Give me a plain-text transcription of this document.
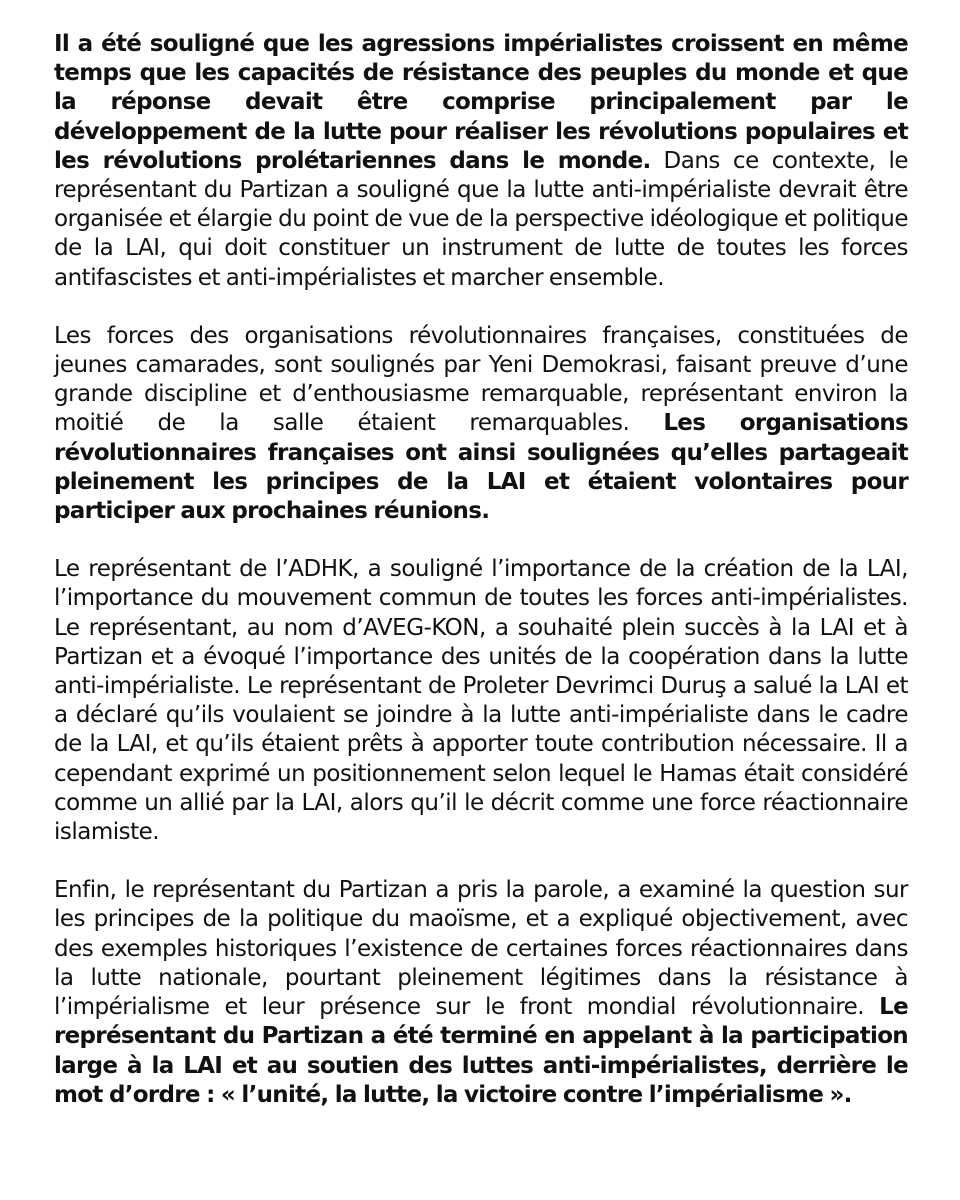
Il a été souligné que les agressions impérialistes croissent en même temps que les capacités de résistance des peuples du monde et que la réponse devait être comprise principalement par le développement de la lutte pour réaliser les révolutions populaires et les révolutions prolétariennes dans le monde. Dans ce contexte, le représentant du Partizan a souligné que la lutte anti-impérialiste devrait être organisée et élargie du point de vue de la perspective idéologique et politique de la LAI, qui doit constituer un instrument de lutte de toutes les forces antifascistes et anti-impérialistes et marcher ensemble.

Les forces des organisations révolutionnaires françaises, constituées de jeunes camarades, sont soulignés par Yeni Demokrasi, faisant preuve d’une grande discipline et d’enthousiasme remarquable, représentant environ la moitié de la salle étaient remarquables. Les organisations révolutionnaires françaises ont ainsi soulignées qu’elles partageait pleinement les principes de la LAI et étaient volontaires pour participer aux prochaines réunions.

Le représentant de l’ADHK, a souligné l’importance de la création de la LAI, l’importance du mouvement commun de toutes les forces anti-impérialistes. Le représentant, au nom d’AVEG-KON, a souhaité plein succès à la LAI et à Partizan et a évoqué l’importance des unités de la coopération dans la lutte anti-impérialiste. Le représentant de Proleter Devrimci Duruş a salué la LAI et a déclaré qu’ils voulaient se joindre à la lutte anti-impérialiste dans le cadre de la LAI, et qu’ils étaient prêts à apporter toute contribution nécessaire. Il a cependant exprimé un positionnement selon lequel le Hamas était considéré comme un allié par la LAI, alors qu’il le décrit comme une force réactionnaire islamiste.

Enfin, le représentant du Partizan a pris la parole, a examiné la question sur les principes de la politique du maoïsme, et a expliqué objectivement, avec des exemples historiques l’existence de certaines forces réactionnaires dans la lutte nationale, pourtant pleinement légitimes dans la résistance à l’impérialisme et leur présence sur le front mondial révolutionnaire. Le représentant du Partizan a été terminé en appelant à la participation large à la LAI et au soutien des luttes anti-impérialistes, derrière le mot d’ordre : « l’unité, la lutte, la victoire contre l’impérialisme ».
